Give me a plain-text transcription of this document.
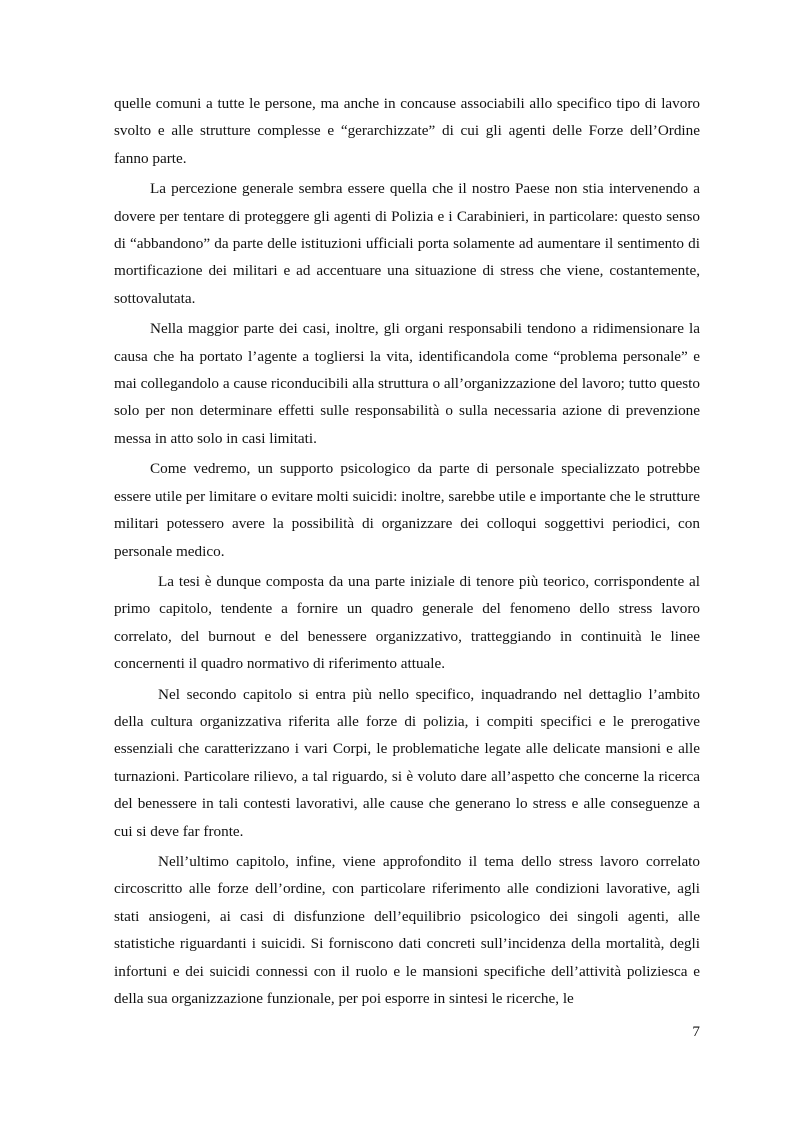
quelle comuni a tutte le persone, ma anche in concause associabili allo specifico tipo di lavoro svolto e alle strutture complesse e “gerarchizzate” di cui gli agenti delle Forze dell’Ordine fanno parte.

La percezione generale sembra essere quella che il nostro Paese non stia intervenendo a dovere per tentare di proteggere gli agenti di Polizia e i Carabinieri, in particolare: questo senso di “abbandono” da parte delle istituzioni ufficiali porta solamente ad aumentare il sentimento di mortificazione dei militari e ad accentuare una situazione di stress che viene, costantemente, sottovalutata.

Nella maggior parte dei casi, inoltre, gli organi responsabili tendono a ridimensionare la causa che ha portato l’agente a togliersi la vita, identificandola come “problema personale” e mai collegandolo a cause riconducibili alla struttura o all’organizzazione del lavoro; tutto questo solo per non determinare effetti sulle responsabilità o sulla necessaria azione di prevenzione messa in atto solo in casi limitati.

Come vedremo, un supporto psicologico da parte di personale specializzato potrebbe essere utile per limitare o evitare molti suicidi: inoltre, sarebbe utile e importante che le strutture militari potessero avere la possibilità di organizzare dei colloqui soggettivi periodici, con personale medico.

La tesi è dunque composta da una parte iniziale di tenore più teorico, corrispondente al primo capitolo, tendente a fornire un quadro generale del fenomeno dello stress lavoro correlato, del burnout e del benessere organizzativo, tratteggiando in continuità le linee concernenti il quadro normativo di riferimento attuale.

Nel secondo capitolo si entra più nello specifico, inquadrando nel dettaglio l’ambito della cultura organizzativa riferita alle forze di polizia, i compiti specifici e le prerogative essenziali che caratterizzano i vari Corpi, le problematiche legate alle delicate mansioni e alle turnazioni. Particolare rilievo, a tal riguardo, si è voluto dare all’aspetto che concerne la ricerca del benessere in tali contesti lavorativi, alle cause che generano lo stress e alle conseguenze a cui si deve far fronte.

Nell’ultimo capitolo, infine, viene approfondito il tema dello stress lavoro correlato circoscritto alle forze dell’ordine, con particolare riferimento alle condizioni lavorative, agli stati ansiogeni, ai casi di disfunzione dell’equilibrio psicologico dei singoli agenti, alle statistiche riguardanti i suicidi. Si forniscono dati concreti sull’incidenza della mortalità, degli infortuni e dei suicidi connessi con il ruolo e le mansioni specifiche dell’attività poliziesca e della sua organizzazione funzionale, per poi esporre in sintesi le ricerche, le

7
